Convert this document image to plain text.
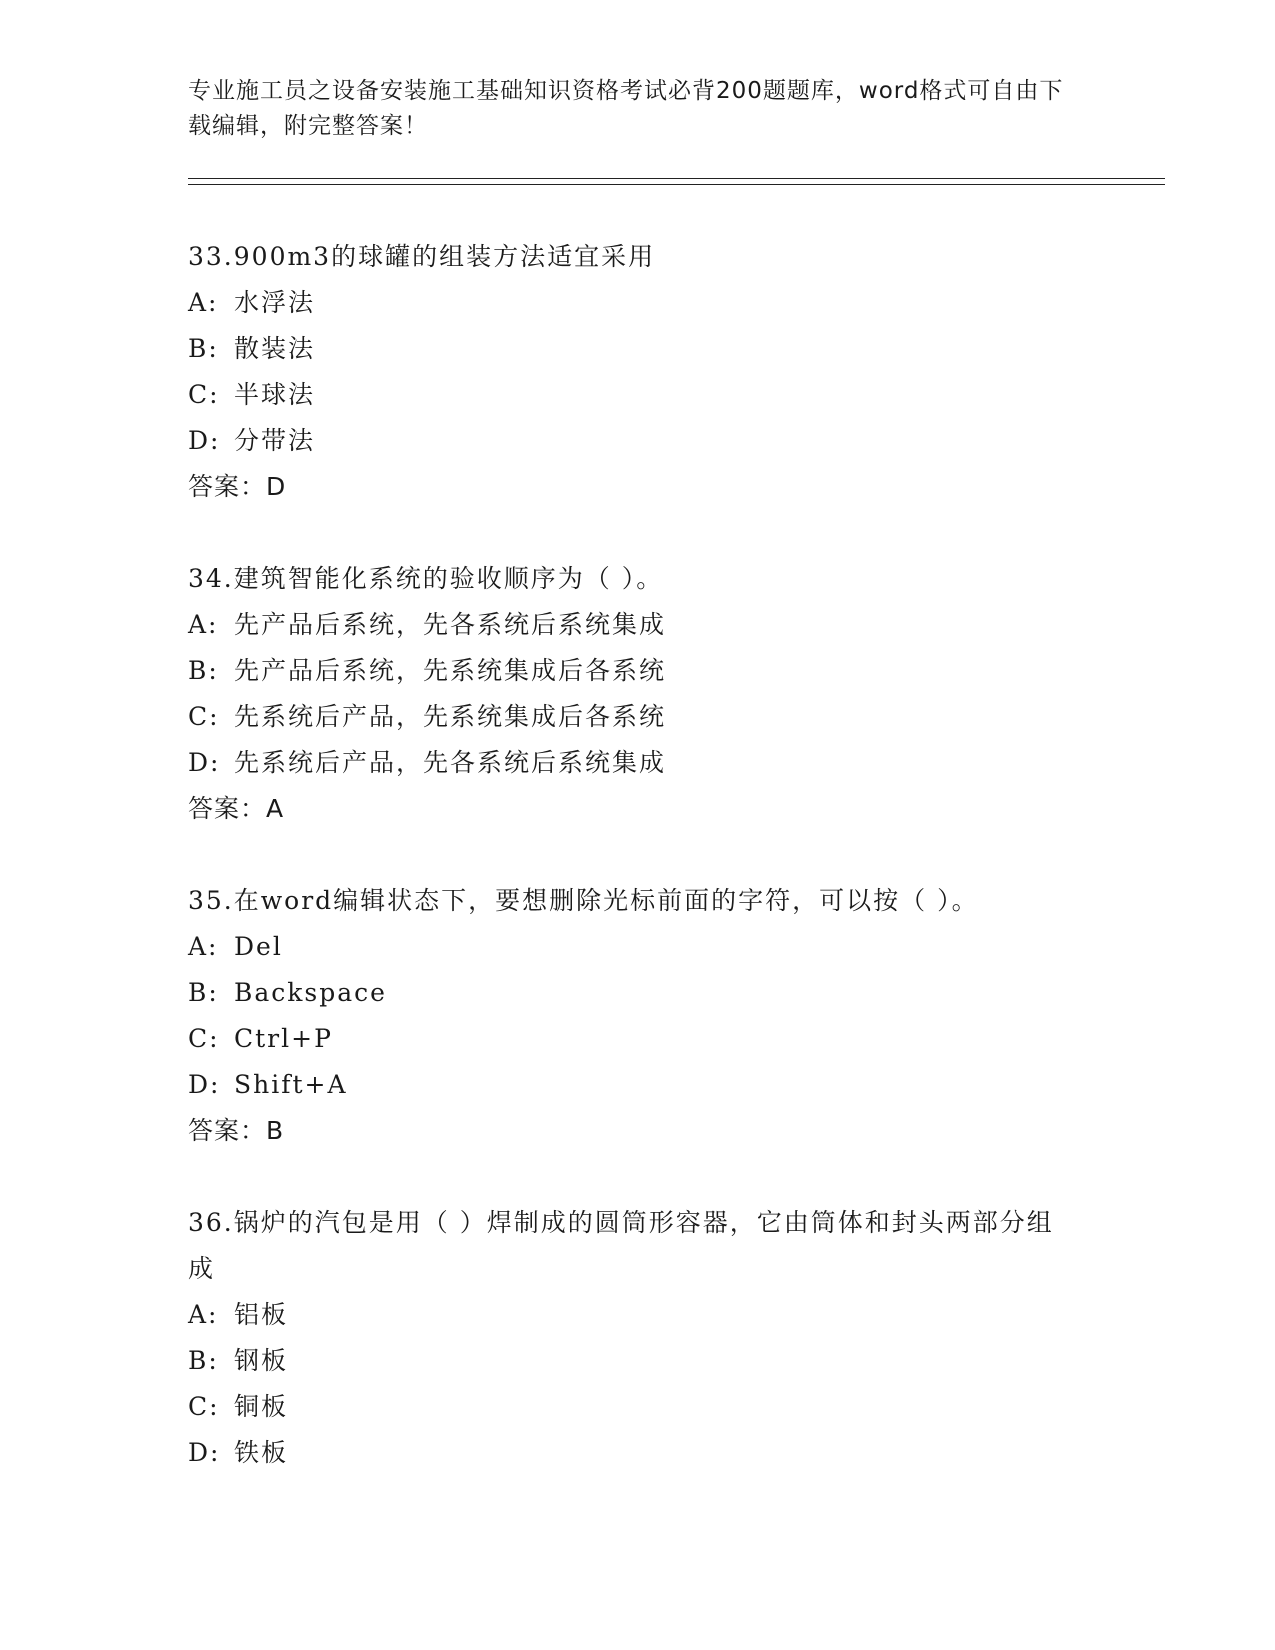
专业施工员之设备安装施工基础知识资格考试必背200题题库，word格式可自由下载编辑，附完整答案！
33.900m3的球罐的组装方法适宜采用
A: 水浮法
B: 散装法
C: 半球法
D: 分带法
答案：D
34.建筑智能化系统的验收顺序为（ ）。
A: 先产品后系统，先各系统后系统集成
B: 先产品后系统，先系统集成后各系统
C: 先系统后产品，先系统集成后各系统
D: 先系统后产品，先各系统后系统集成
答案：A
35.在word编辑状态下，要想删除光标前面的字符，可以按（ ）。
A: Del
B: Backspace
C: Ctrl+P
D: Shift+A
答案：B
36.锅炉的汽包是用（ ）焊制成的圆筒形容器，它由筒体和封头两部分组成
A: 铝板
B: 钢板
C: 铜板
D: 铁板
